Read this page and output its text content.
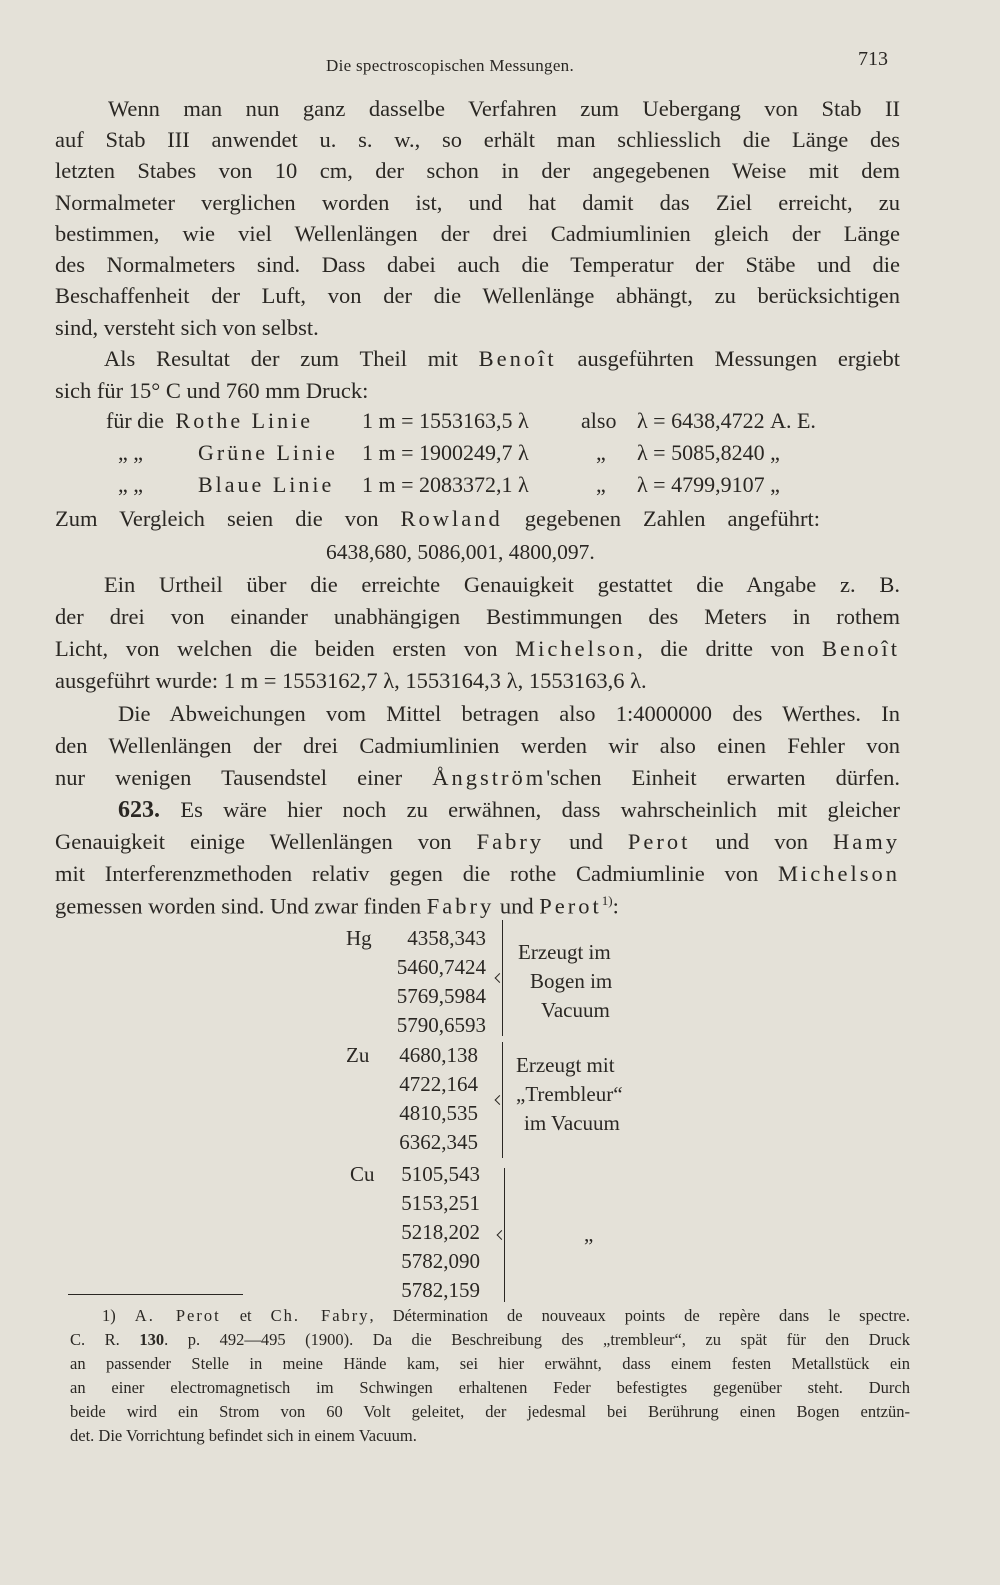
Die spectroscopischen Messungen.	713
Wenn man nun ganz dasselbe Verfahren zum Uebergang von Stab II
auf Stab III anwendet u. s. w., so erhält man schliesslich die Länge des
letzten Stabes von 10 cm, der schon in der angegebenen Weise mit dem
Normalmeter verglichen worden ist, und hat damit das Ziel erreicht, zu
bestimmen, wie viel Wellenlängen der drei Cadmiumlinien gleich der Länge
des Normalmeters sind. Dass dabei auch die Temperatur der Stäbe und die
Beschaffenheit der Luft, von der die Wellenlänge abhängt, zu berücksichtigen
sind, versteht sich von selbst.
Als Resultat der zum Theil mit Benoît ausgeführten Messungen ergiebt
sich für 15° C und 760 mm Druck:
für die Rothe Linie 1 m = 1553163,5 λ also λ = 6438,4722 A. E.
„ „ Grüne Linie 1 m = 1900249,7 λ	„ λ = 5085,8240 „
„ „ Blaue Linie 1 m = 2083372,1 λ	„ λ = 4799,9107 „
Zum Vergleich seien die von Rowland gegebenen Zahlen angeführt:
6438,680, 5086,001, 4800,097.
Ein Urtheil über die erreichte Genauigkeit gestattet die Angabe z. B.
der drei von einander unabhängigen Bestimmungen des Meters in rothem
Licht, von welchen die beiden ersten von Michelson, die dritte von Benoît
ausgeführt wurde: 1 m = 1553162,7 λ, 1553164,3 λ, 1553163,6 λ.
Die Abweichungen vom Mittel betragen also 1:4000000 des Werthes. In
den Wellenlängen der drei Cadmiumlinien werden wir also einen Fehler von
nur wenigen Tausendstel einer Ångström'schen Einheit erwarten dürfen.
623. Es wäre hier noch zu erwähnen, dass wahrscheinlich mit gleicher
Genauigkeit einige Wellenlängen von Fabry und Perot und von Hamy
mit Interferenzmethoden relativ gegen die rothe Cadmiumlinie von Michelson
gemessen worden sind. Und zwar finden Fabry und Perot$^{1)}$:
Hg	4358,343
5460,7424
5769,5984
5790,6593
Erzeugt im
Bogen im
Vacuum
Zu	4680,138
4722,164
4810,535
6362,345
Erzeugt mit
„Trembleur“
im Vacuum
Cu	5105,543
5153,251
5218,202
5782,090
5782,159
„
1) A. Perot et Ch. Fabry, Détermination de nouveaux points de repère dans le spectre.
C. R. 130. p. 492—495 (1900). Da die Beschreibung des „trembleur“, zu spät für den Druck
an passender Stelle in meine Hände kam, sei hier erwähnt, dass einem festen Metallstück ein
an einer electromagnetisch im Schwingen erhaltenen Feder befestigtes gegenüber steht. Durch
beide wird ein Strom von 60 Volt geleitet, der jedesmal bei Berührung einen Bogen entzün-
det. Die Vorrichtung befindet sich in einem Vacuum.
